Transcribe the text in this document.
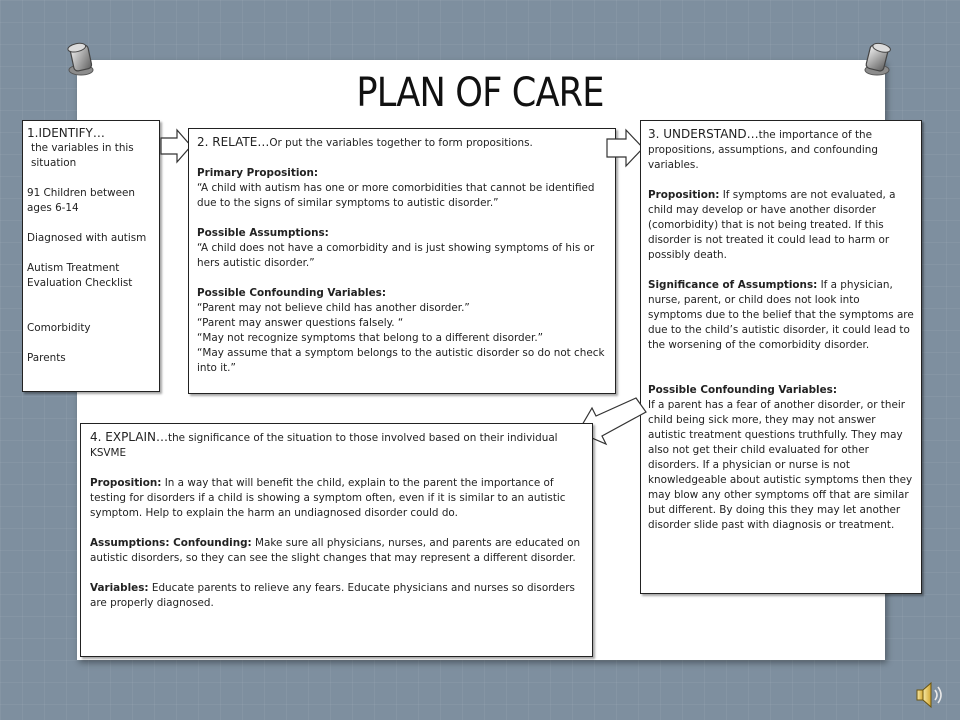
PLAN OF CARE

1.IDENTIFY…

the variables in this situation

91 Children between ages 6-14

Diagnosed with autism

Autism Treatment Evaluation Checklist

Comorbidity

Parents

2. RELATE…Or put the variables together to form propositions.

Primary Proposition:

“A child with autism has one or more comorbidities that cannot be identified due to the signs of similar symptoms to autistic disorder.”

Possible Assumptions:

“A child does not have a comorbidity and is just showing symptoms of his or hers autistic disorder.”

Possible Confounding Variables:

“Parent may not believe child has another disorder.”

“Parent may answer questions falsely. “

“May not recognize symptoms that belong to a different disorder.”

“May assume that a symptom belongs to the autistic disorder so do not check into it.”

3. UNDERSTAND…the importance of the propositions, assumptions, and confounding variables.

Proposition: If symptoms are not evaluated, a child may develop or have another disorder (comorbidity) that is not being treated. If this disorder is not treated it could lead to harm or possibly death.

Significance of Assumptions: If a physician, nurse, parent, or child does not look into symptoms due to the belief that the symptoms are due to the child’s autistic disorder, it could lead to the worsening of the comorbidity disorder.

Possible Confounding Variables:

If a parent has a fear of another disorder, or their child being sick more, they may not answer autistic treatment questions truthfully. They may also not get their child evaluated for other disorders. If a physician or nurse is not knowledgeable about autistic symptoms then they may blow any other symptoms off that are similar but different. By doing this they may let another disorder slide past with diagnosis or treatment.

4. EXPLAIN…the significance of the situation to those involved based on their individual KSVME

Proposition: In a way that will benefit the child, explain to the parent the importance of testing for disorders if a child is showing a symptom often, even if it is similar to an autistic symptom. Help to explain the harm an undiagnosed disorder could do.

Assumptions: Confounding: Make sure all physicians, nurses, and parents are educated on autistic disorders, so they can see the slight changes that may represent a different disorder.

Variables: Educate parents to relieve any fears. Educate physicians and nurses so disorders are properly diagnosed.
